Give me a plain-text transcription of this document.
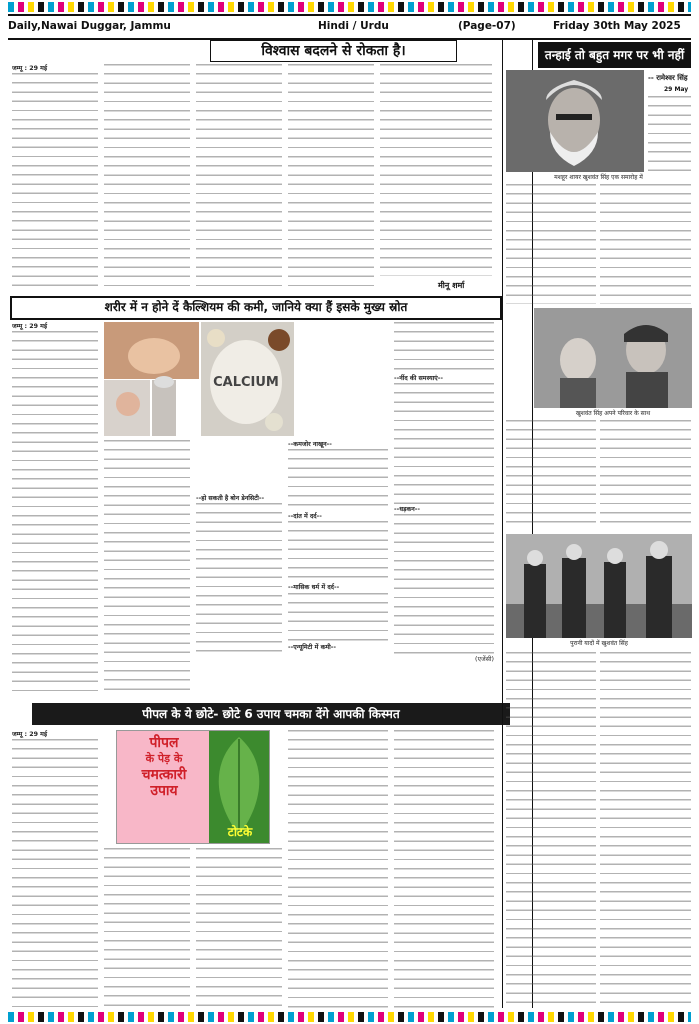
Daily,Nawai Duggar, Jammu	Hindi / Urdu	(Page-07)	Friday 30th May 2025
विश्वास बदलने से रोकता है।

जम्मू : 29 मई

मीनू शर्मा
शरीर में न होने दें कैल्शियम की कमी, जानिये क्या हैं इसके मुख्य स्रोत

जम्मू : 29 मई

CALCIUM

--हो सकती है बोन डेनसिटी--

--कमजोर नाखून--

--दांत में दर्द--

--मासिक धर्म में दर्द--

--एन्यूमिटी में कमी--

--नींद की समस्याएं--

--धड़कन--

(एजेंसी)

पीपल के ये छोटे- छोटे 6 उपाय चमका देंगे आपकी किस्मत

जम्मू : 29 मई

पीपल
के पेड़ के
चमत्कारी
उपाय
टोटके
तन्हाई तो बहुत मगर पर भी नहीं
-- रामेश्वर सिंह
29 May
मशहूर शायर खुशवंत सिंह एक समारोह में
खुशवंत सिंह अपने परिवार के साथ
पुरानी यादों में खुशवंत सिंह
